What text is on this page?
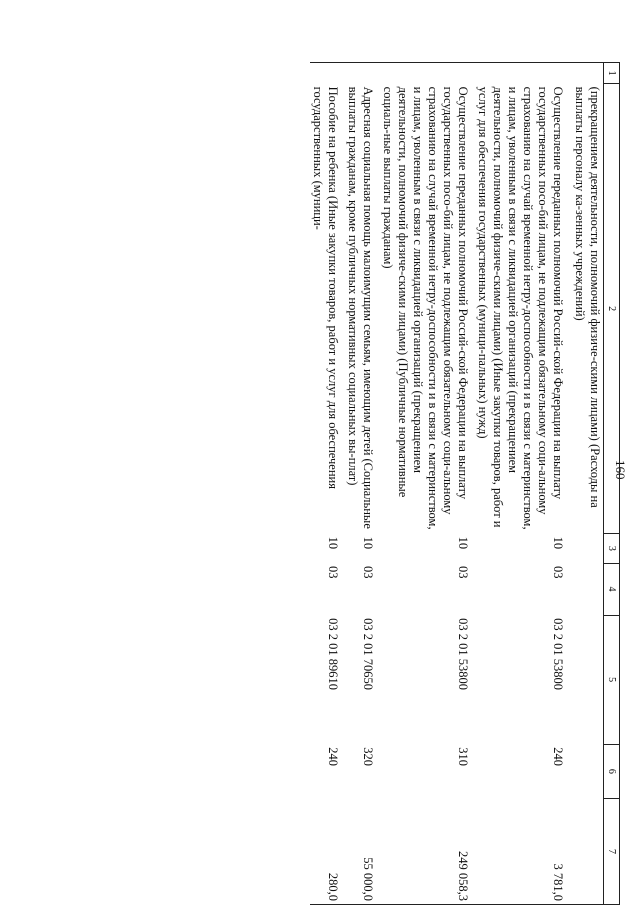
160
1	2	3	4	5	6	7
	(прекращением деятельности, полномочий физиче-скими лицами) (Расходы на выплаты персоналу ка-зенных учреждений)					
	Осуществление переданных полномочий Россий-ской Федерации на выплату государственных посо-бий лицам, не подлежащим обязательному соци-альному страхованию на случай временной нетру-доспособности и в связи с материнством, и лицам, уволенным в связи с ликвидацией организаций (прекращением деятельности, полномочий физиче-скими лицами) (Иные закупки товаров, работ и услуг для обеспечения государственных (муници-пальных) нужд)	10	03	03 2 01 53800	240	3 781,0
	Осуществление переданных полномочий Россий-ской Федерации на выплату государственных посо-бий лицам, не подлежащим обязательному соци-альному страхованию на случай временной нетру-доспособности и в связи с материнством, и лицам, уволенным в связи с ликвидацией организаций (прекращением деятельности, полномочий физиче-скими лицами) (Публичные нормативные социаль-ные выплаты гражданам)	10	03	03 2 01 53800	310	249 058,3
	Адресная социальная помощь малоимущим семьям, имеющим детей (Социальные выплаты гражданам, кроме публичных нормативных социальных вы-плат)	10	03	03 2 01 70650	320	55 000,0
	Пособие на ребенка (Иные закупки товаров, работ и услуг для обеспечения государственных (муници-	10	03	03 2 01 89610	240	280,0
